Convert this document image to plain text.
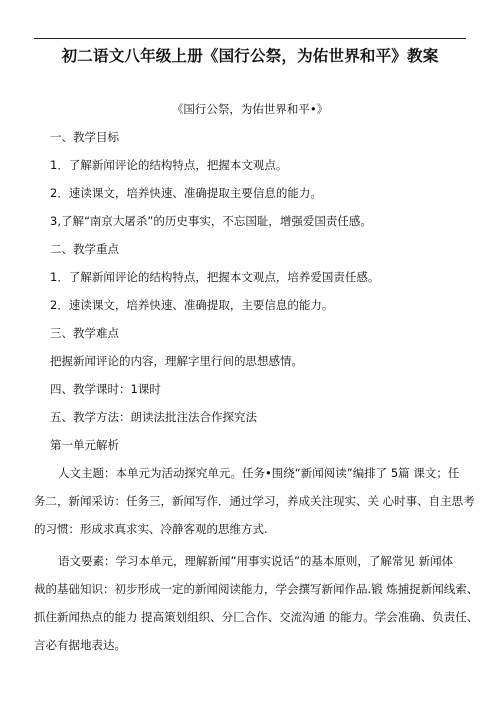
初二语文八年级上册《国行公祭，为佑世界和平》教案
《国行公祭，为佑世界和平•》
一、教学目标
1．了解新闻评论的结构特点，把握本文观点。
2．速读课文，培养快速、准确提取主要信息的能力。
3,了解“南京大屠杀”的历史事实，不忘国耻，增强爱国责任感。
二、教学重点
1．了解新闻评论的结构特点，把握本文观点，培养爱国责任感。
2．速读课文，培养快速、准确提取，主要信息的能力。
三、教学难点
把握新闻评论的内容，理解字里行间的思想感情。
四、教学课时：1课时
五、教学方法：朗读法批注法合作探究法
第一单元解析
人文主题：本单元为活动探究单元。任务•围绕“新闻阅读”编排了 5篇 课文；任
务二，新闻采访：任务三，新闻写作．通过学习，养成关注现实、关 心时事、自主思考
的习惯：形成求真求实、冷静客观的思维方式.
语文要素：学习本单元，理解新闻”用事实说话”的基本原则，了解常见 新闻体
裁的基础知识：初步形成一定的新闻阅读能力，学会撰写新闻作品.锻 炼捕捉新闻线索、
抓住新闻热点的能力 提高策划组织、分匚合作、交流沟通 的能力。学会准确、负责任、
言必有据地表达。
